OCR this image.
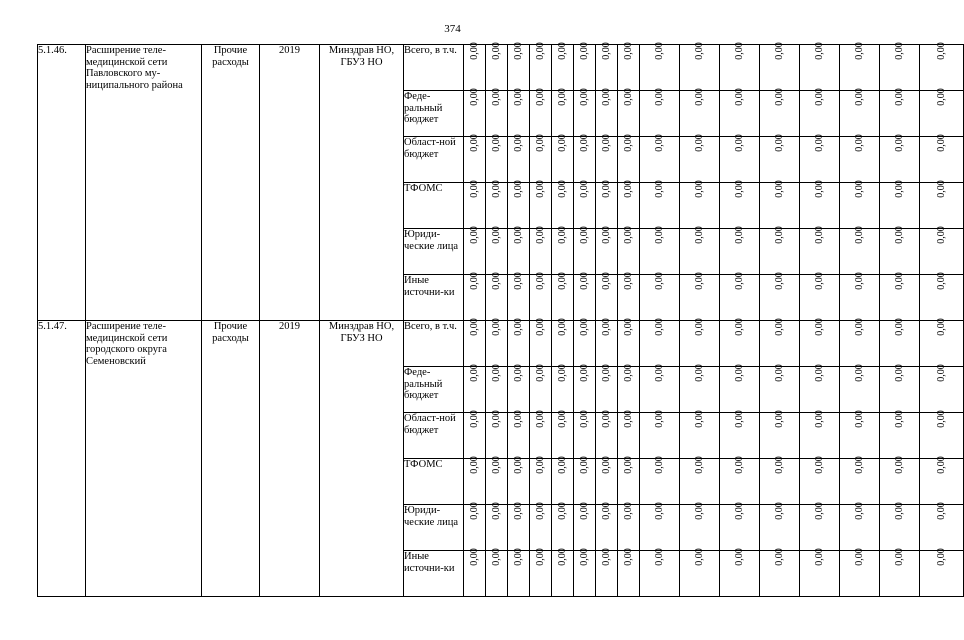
374
5.1.46.	Расширение теле-медицинской сети Павловского му-ниципального района	Прочие расходы	2019	Минздрав НО, ГБУЗ НО	Всего, в т.ч.	0,00	0,00	0,00	0,00	0,00	0,00	0,00	0,00	0,00	0,00	0,00	0,00	0,00	0,00	0,00	0,00
					Феде-ральный бюджет	0,00	0,00	0,00	0,00	0,00	0,00	0,00	0,00	0,00	0,00	0,00	0,00	0,00	0,00	0,00	0,00
					Област-ной бюджет	0,00	0,00	0,00	0,00	0,00	0,00	0,00	0,00	0,00	0,00	0,00	0,00	0,00	0,00	0,00	0,00
					ТФОМС	0,00	0,00	0,00	0,00	0,00	0,00	0,00	0,00	0,00	0,00	0,00	0,00	0,00	0,00	0,00	0,00
					Юриди-ческие лица	0,00	0,00	0,00	0,00	0,00	0,00	0,00	0,00	0,00	0,00	0,00	0,00	0,00	0,00	0,00	0,00
					Иные источни-ки	0,00	0,00	0,00	0,00	0,00	0,00	0,00	0,00	0,00	0,00	0,00	0,00	0,00	0,00	0,00	0,00
5.1.47.	Расширение теле-медицинской сети городского округа Семеновский	Прочие расходы	2019	Минздрав НО, ГБУЗ НО	Всего, в т.ч.	0,00	0,00	0,00	0,00	0,00	0,00	0,00	0,00	0,00	0,00	0,00	0,00	0,00	0,00	0,00	0,00
					Феде-ральный бюджет	0,00	0,00	0,00	0,00	0,00	0,00	0,00	0,00	0,00	0,00	0,00	0,00	0,00	0,00	0,00	0,00
					Област-ной бюджет	0,00	0,00	0,00	0,00	0,00	0,00	0,00	0,00	0,00	0,00	0,00	0,00	0,00	0,00	0,00	0,00
					ТФОМС	0,00	0,00	0,00	0,00	0,00	0,00	0,00	0,00	0,00	0,00	0,00	0,00	0,00	0,00	0,00	0,00
					Юриди-ческие лица	0,00	0,00	0,00	0,00	0,00	0,00	0,00	0,00	0,00	0,00	0,00	0,00	0,00	0,00	0,00	0,00
					Иные источни-ки	0,00	0,00	0,00	0,00	0,00	0,00	0,00	0,00	0,00	0,00	0,00	0,00	0,00	0,00	0,00	0,00
